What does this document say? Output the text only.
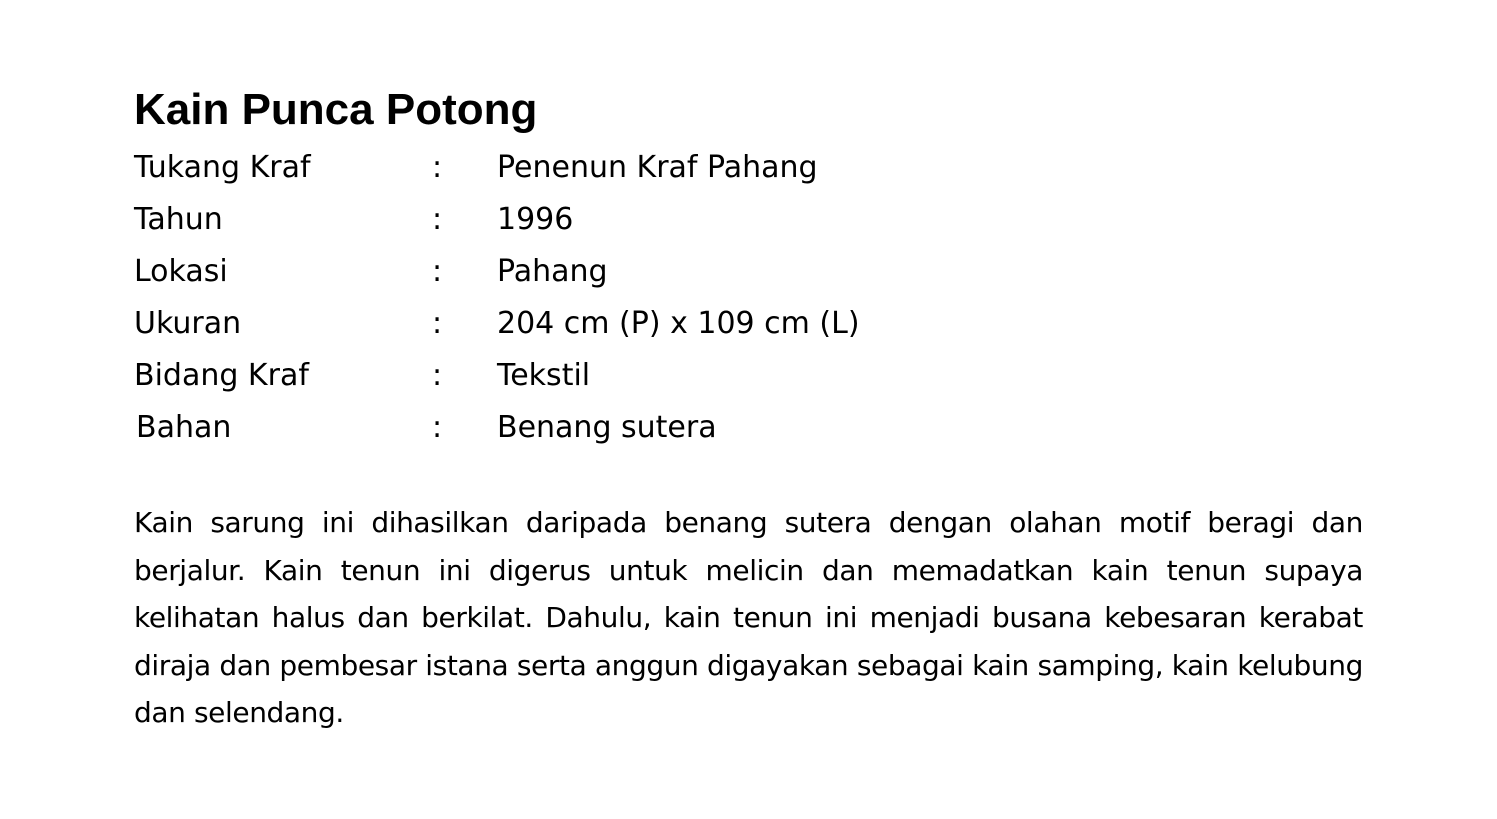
Kain Punca Potong
Tukang Kraf	: Penenun Kraf Pahang
Tahun	: 1996
Lokasi	: Pahang
Ukuran	: 204 cm (P) x 109 cm (L)
Bidang Kraf	: Tekstil
Bahan	: Benang sutera

Kain sarung ini dihasilkan daripada benang sutera dengan olahan motif beragi dan berjalur. Kain tenun ini digerus untuk melicin dan memadatkan kain tenun supaya kelihatan halus dan berkilat. Dahulu, kain tenun ini menjadi busana kebesaran kerabat diraja dan pembesar istana serta anggun digayakan sebagai kain samping, kain kelubung dan selendang.
